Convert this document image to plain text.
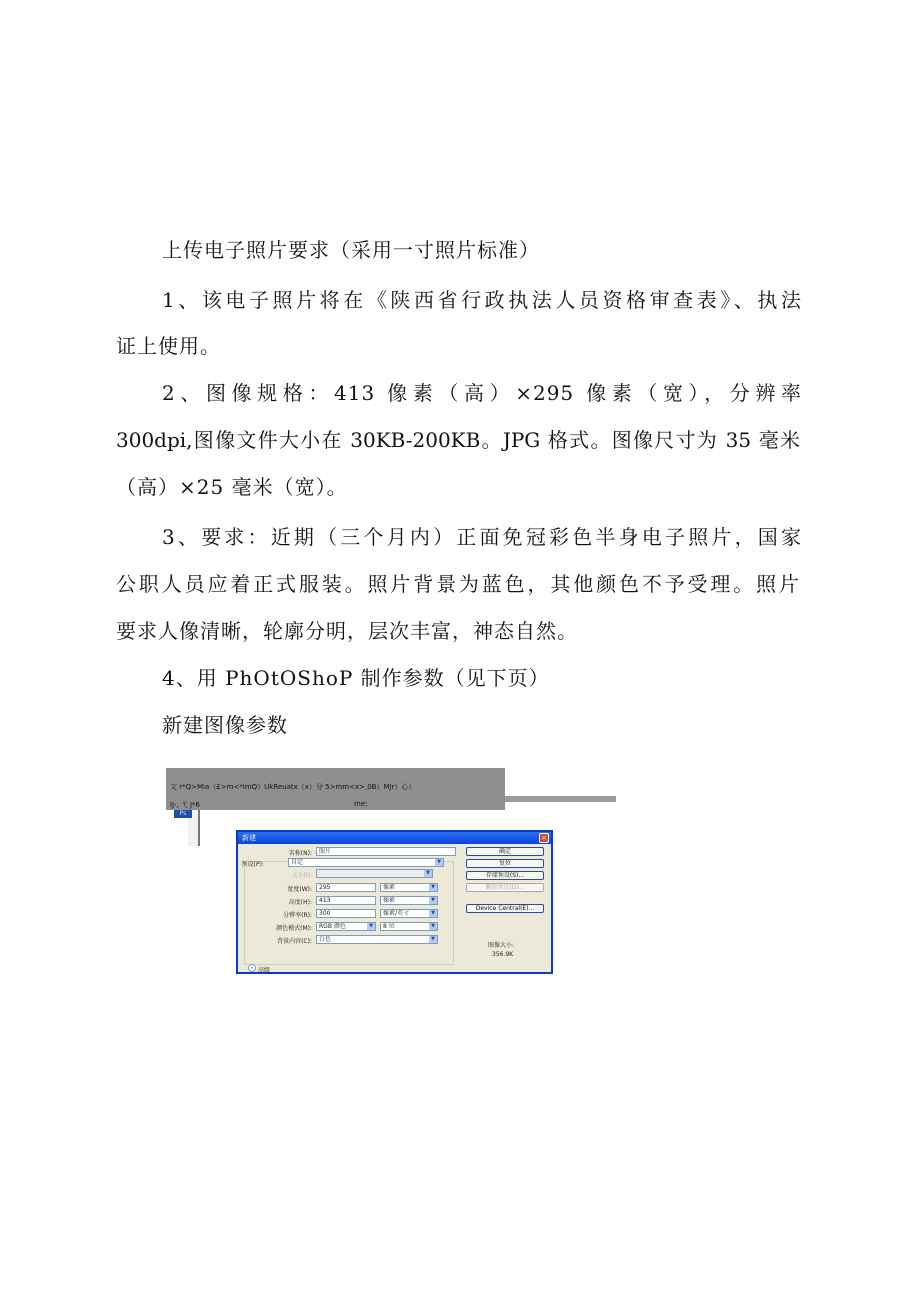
上传电子照片要求（采用一寸照片标准）
1、该电子照片将在《陕西省行政执法人员资格审查表》、执法
证上使用。
2、图像规格：413 像素（高）×295 像素（宽），分辨率
300dpi,图像文件大小在 30KB-200KB。JPG 格式。图像尺寸为 35 毫米
（高）×25 毫米（宽）。
3、要求：近期（三个月内）正面免冠彩色半身电子照片，国家
公职人员应着正式服装。照片背景为蓝色，其他颜色不予受理。照片
要求人像清晰，轮廓分明，层次丰富，神态自然。
4、用 PhOtOShoP 制作参数（见下页）
新建图像参数
文 r*Q>Mia（£>m<*ImQ）UkReuatx（x）分 5>mm<x>,0B）MJr）心）
lJ-, 弋 J*6	me:
Ps
新建	×
名称(N):	照片
预设(P):	自定	▼
大小(I):	▼
宽度(W):	295	像素	▼
高度(H):	413	像素	▼
分辨率(R):	300	像素/英寸	▼
颜色模式(M):	RGB 颜色	▼	8 位	▼
背景内容(C):	白色	▼
» 高级
确定
复位
存储预设(S)...
删除预设(D)...
Device Central(E)...
图像大小:
356.9K
